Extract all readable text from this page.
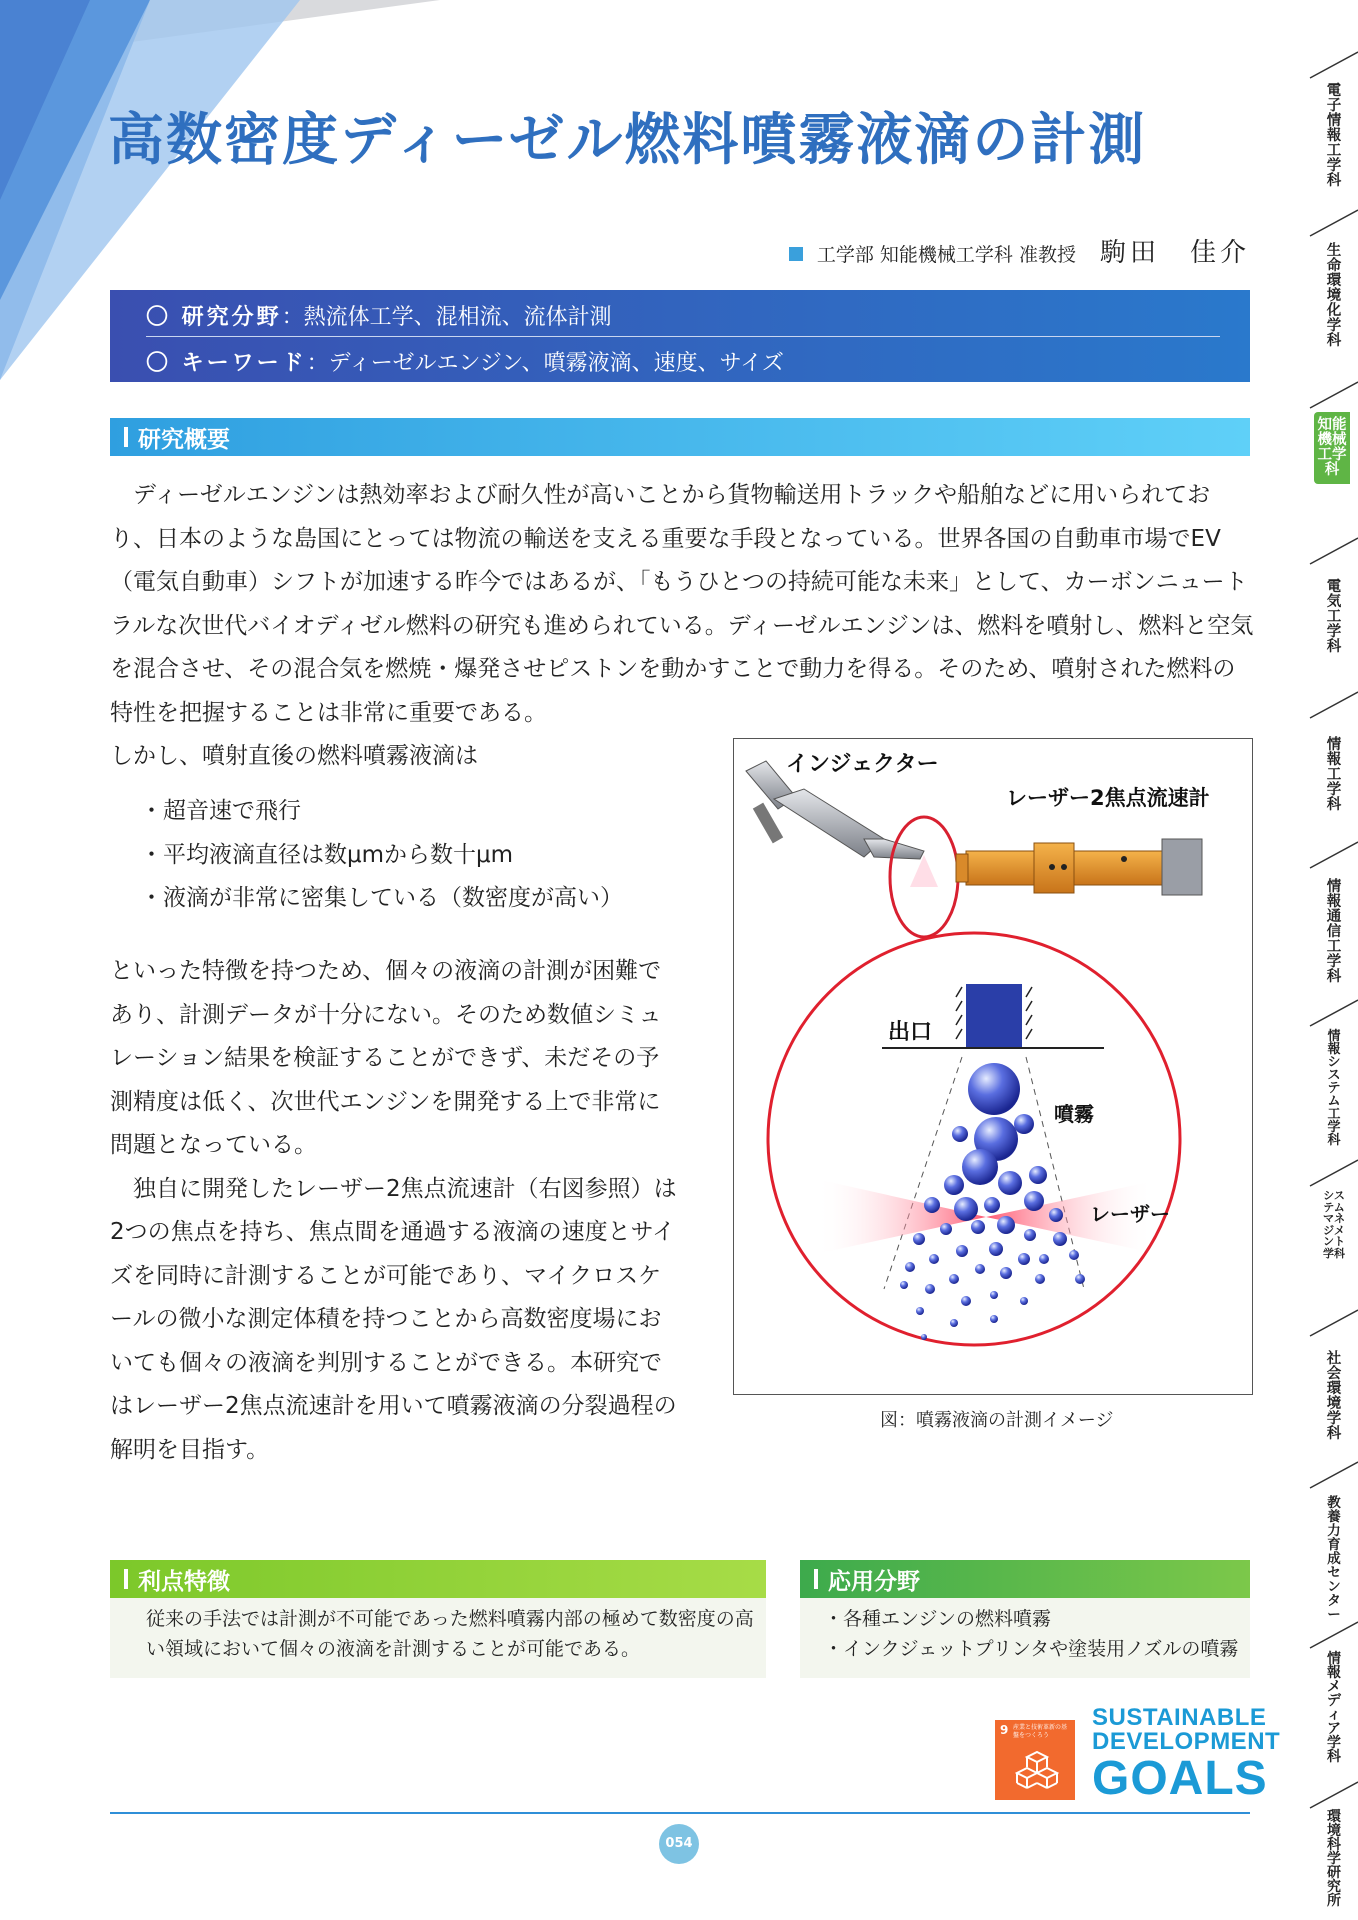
高数密度ディーゼル燃料噴霧液滴の計測
工学部 知能機械工学科 准教授 駒田　佳介
〇 研究分野：熱流体工学、混相流、流体計測
〇 キーワード：ディーゼルエンジン、噴霧液滴、速度、サイズ
研究概要
　ディーゼルエンジンは熱効率および耐久性が高いことから貨物輸送用トラックや船舶などに用いられており、日本のような島国にとっては物流の輸送を支える重要な手段となっている。世界各国の自動車市場でEV（電気自動車）シフトが加速する昨今ではあるが、「もうひとつの持続可能な未来」として、カーボンニュートラルな次世代バイオディゼル燃料の研究も進められている。ディーゼルエンジンは、燃料を噴射し、燃料と空気を混合させ、その混合気を燃焼・爆発させピストンを動かすことで動力を得る。そのため、噴射された燃料の特性を把握することは非常に重要である。
しかし、噴射直後の燃料噴霧液滴は
・超音速で飛行
・平均液滴直径は数μmから数十μm
・液滴が非常に密集している（数密度が高い）
といった特徴を持つため、個々の液滴の計測が困難であり、計測データが十分にない。そのため数値シミュレーション結果を検証することができず、未だその予測精度は低く、次世代エンジンを開発する上で非常に問題となっている。
　独自に開発したレーザー2焦点流速計（右図参照）は2つの焦点を持ち、焦点間を通過する液滴の速度とサイズを同時に計測することが可能であり、マイクロスケールの微小な測定体積を持つことから高数密度場においても個々の液滴を判別することができる。本研究ではレーザー2焦点流速計を用いて噴霧液滴の分裂過程の解明を目指す。
インジェクター
レーザー2焦点流速計
出口
噴霧
レーザー
図：噴霧液滴の計測イメージ
利点特徴
従来の手法では計測が不可能であった燃料噴霧内部の極めて数密度の高い領域において個々の液滴を計測することが可能である。
応用分野
・各種エンジンの燃料噴霧
・インクジェットプリンタや塗装用ノズルの噴霧
9 産業と技術革新の基盤をつくろう
SUSTAINABLE
DEVELOPMENT
GOALS
054
電子情報工学科
生命環境化学科
知能機械工学科
電気工学科
情報工学科
情報通信工学科
情報システム工学科
システムマネジメント学科
社会環境学科
教養力育成センター
情報メディア学科
環境科学研究所
